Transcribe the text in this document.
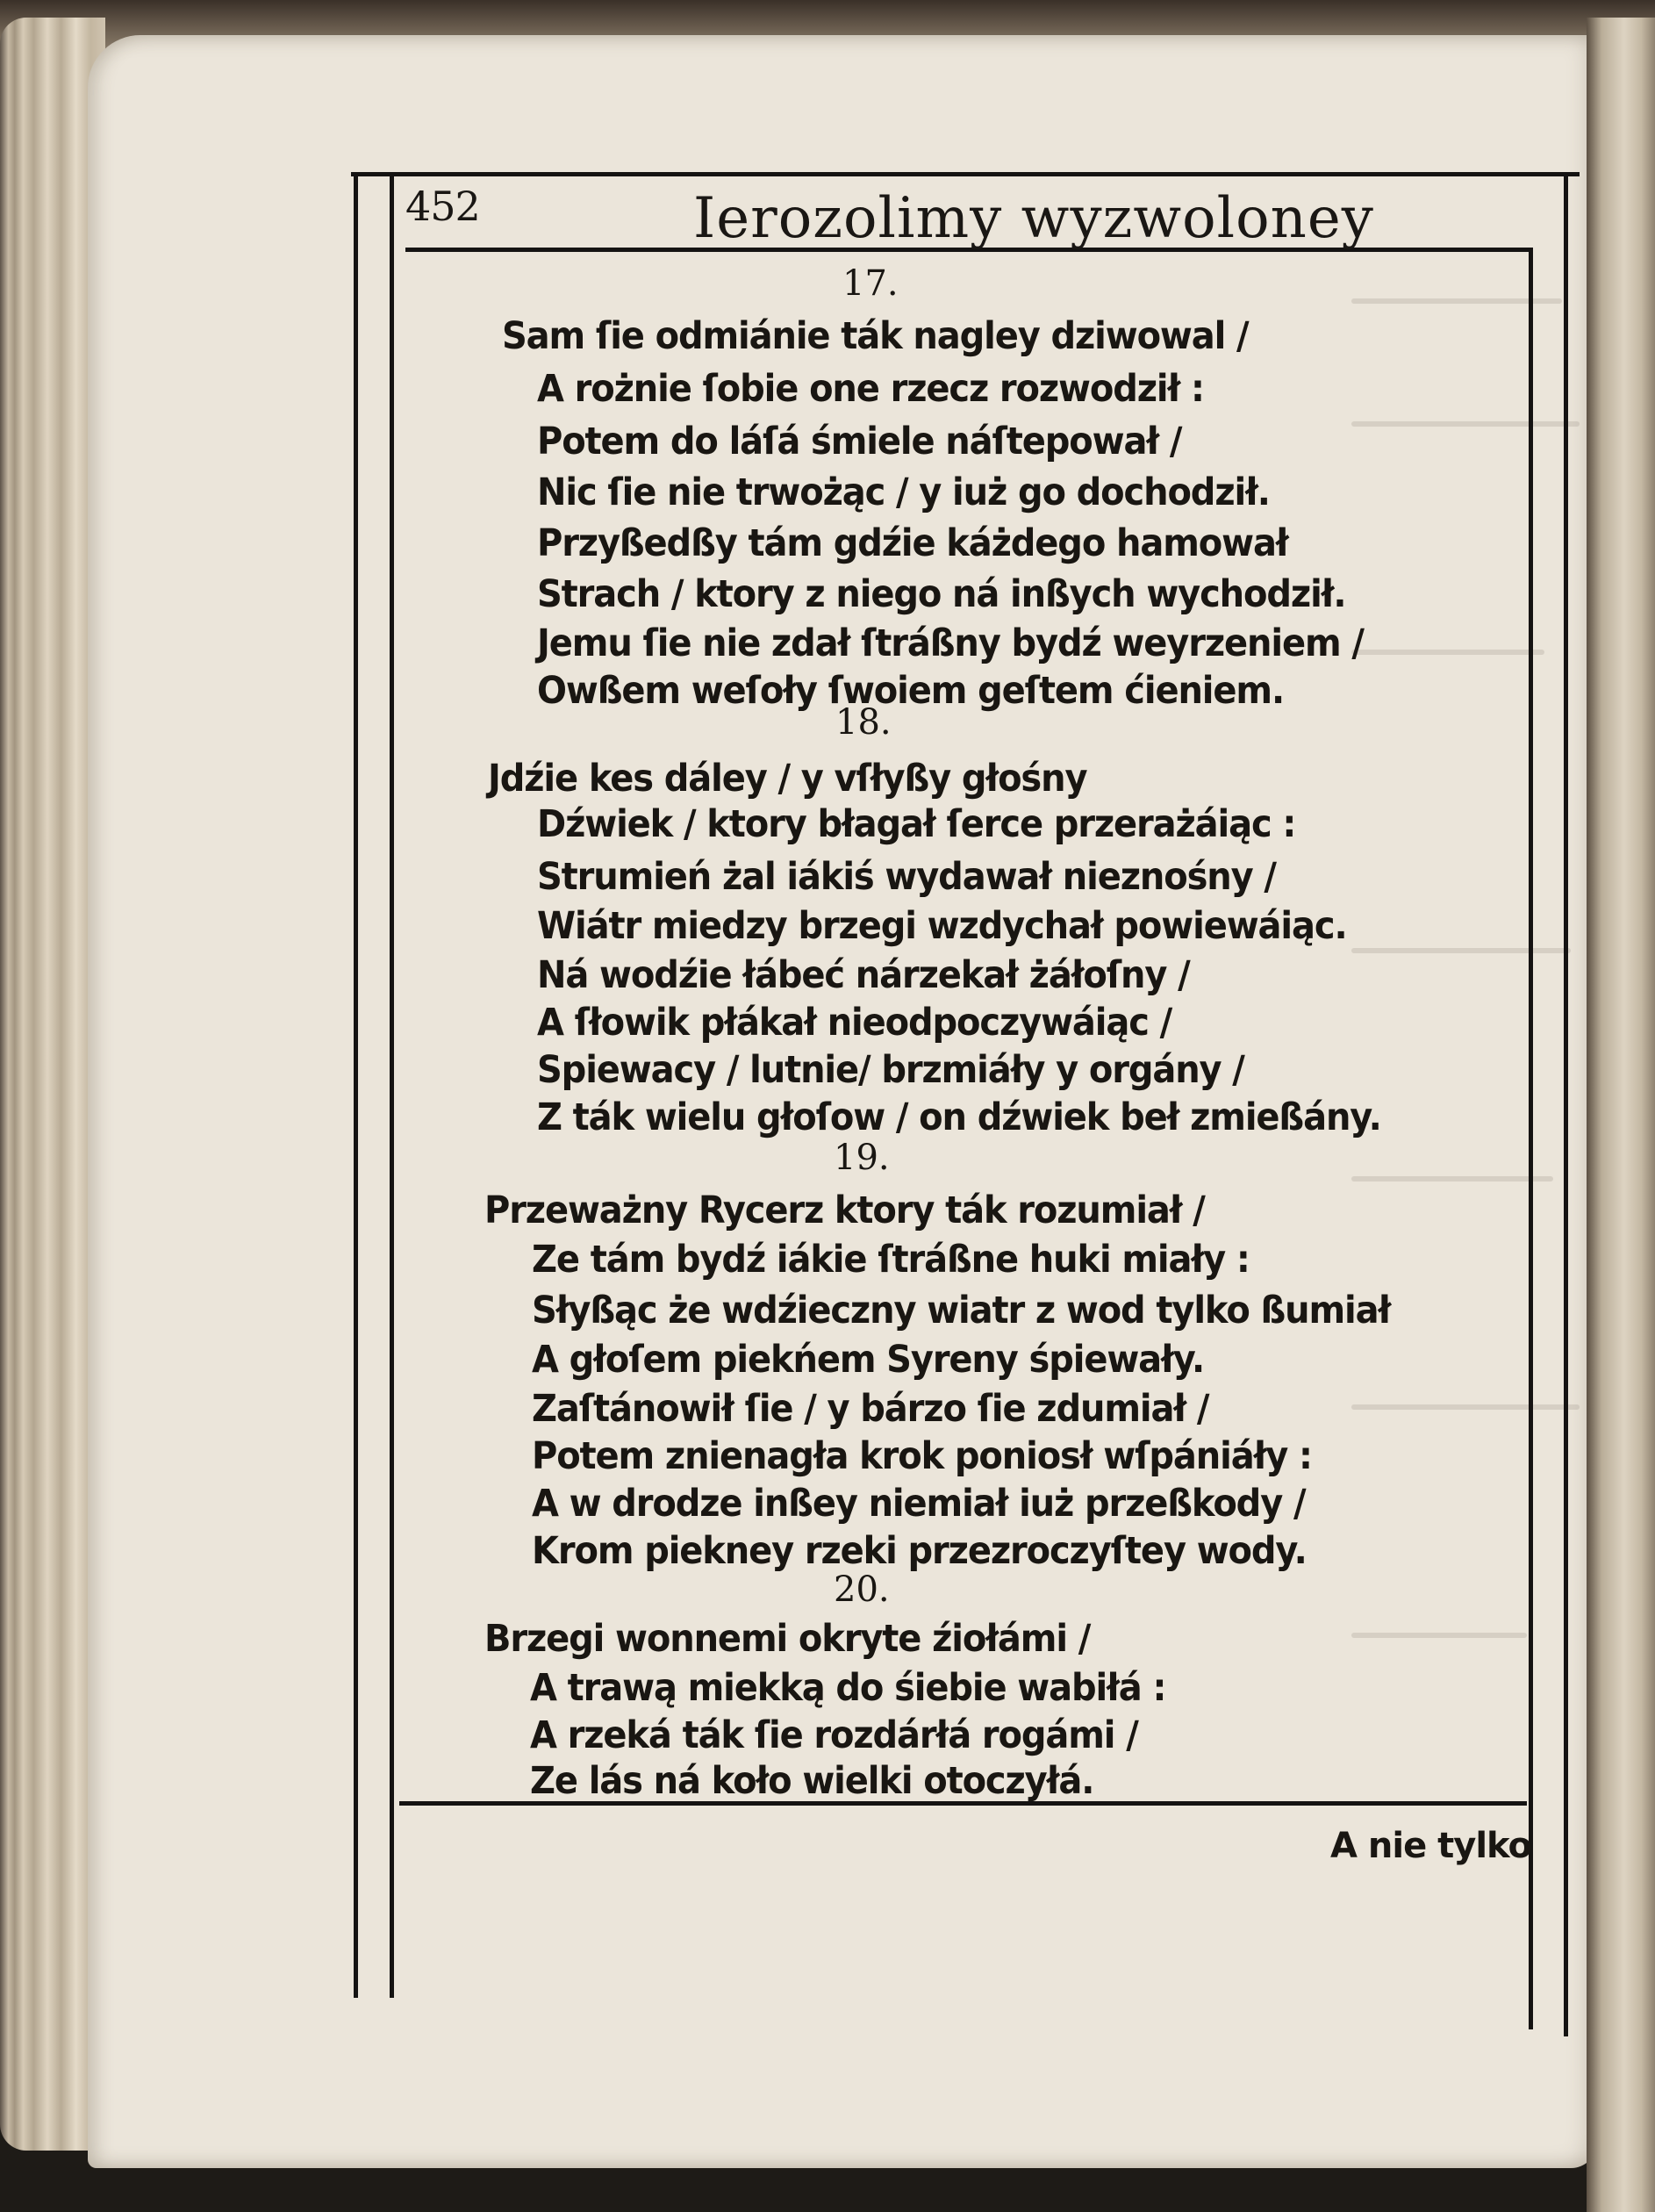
452	Ierozolimy wyzwoloney
17.
Sam ſie odmiánie ták nagley dziwowal /
A rożnie ſobie one rzecz rozwodził :
Potem do láſá śmiele náſtepował /
Nic ſie nie trwożąc / y iuż go dochodził.
Przyßedßy tám gdźie káżdego hamował
Strach / ktory z niego ná inßych wychodził.
Jemu ſie nie zdał ſtráßny bydź weyrzeniem /
Owßem weſoły ſwoiem geſtem ćieniem.
18.
Jdźie kes dáley / y vſłyßy głośny
Dźwiek / ktory błagał ſerce przerażáiąc :
Strumień żal iákiś wydawał nieznośny /
Wiátr miedzy brzegi wzdychał powiewáiąc.
Ná wodźie łábeć nárzekał żáłoſny /
A ſłowik płákał nieodpoczywáiąc /
Spiewacy / lutnie/ brzmiáły y orgány /
Z ták wielu głoſow / on dźwiek beł zmießány.
19.
Przeważny Rycerz ktory ták rozumiał /
Ze tám bydź iákie ſtráßne huki miały :
Słyßąc że wdźieczny wiatr z wod tylko ßumiał
A głoſem piekńem Syreny śpiewały.
Zaſtánowił ſie / y bárzo ſie zdumiał /
Potem znienagła krok poniosł wſpániáły :
A w drodze inßey niemiał iuż przeßkody /
Krom piekney rzeki przezroczyſtey wody.
20.
Brzegi wonnemi okryte źiołámi /
A trawą miekką do śiebie wabiłá :
A rzeká ták ſie rozdárłá rogámi /
Ze lás ná koło wielki otoczyłá.
A nie tylko
